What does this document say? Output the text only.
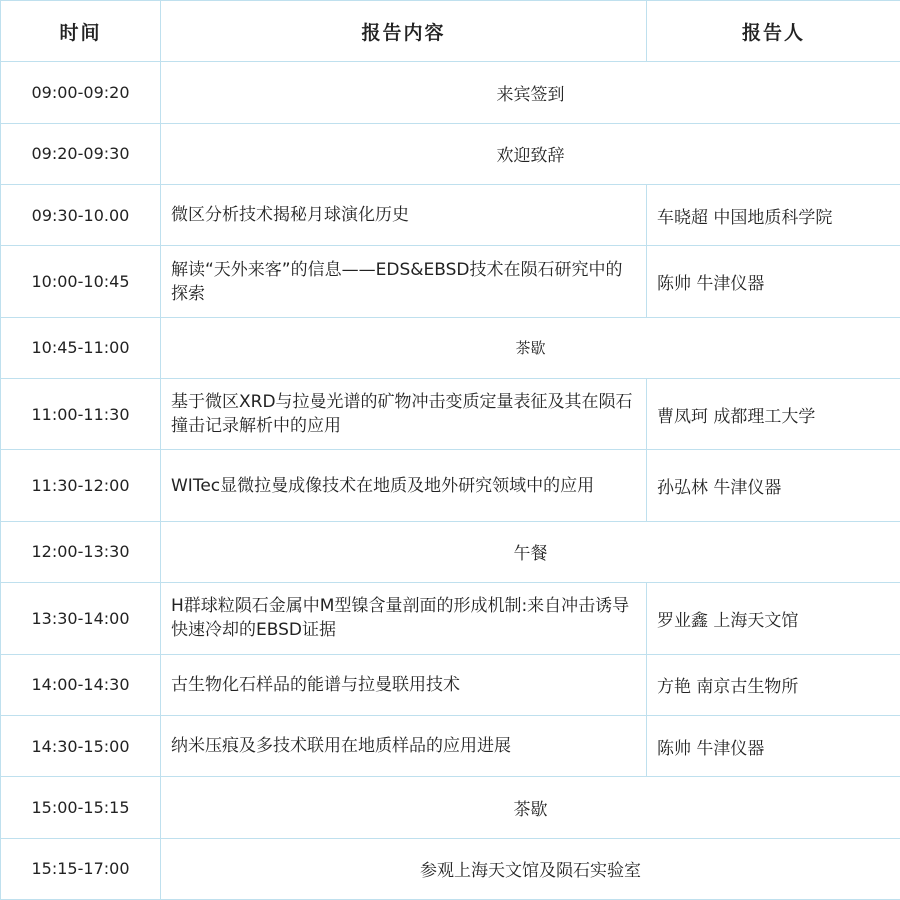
时间	报告内容	报告人
09:00-09:20	来宾签到	
09:20-09:30	欢迎致辞	
09:30-10.00	微区分析技术揭秘月球演化历史	车晓超 中国地质科学院
10:00-10:45	解读“天外来客”的信息——EDS&EBSD技术在陨石研究中的探索	陈帅 牛津仪器
10:45-11:00	茶歇	
11:00-11:30	基于微区XRD与拉曼光谱的矿物冲击变质定量表征及其在陨石撞击记录解析中的应用	曹凤珂 成都理工大学
11:30-12:00	WITec显微拉曼成像技术在地质及地外研究领域中的应用	孙弘林 牛津仪器
12:00-13:30	午餐	
13:30-14:00	H群球粒陨石金属中M型镍含量剖面的形成机制:来自冲击诱导快速冷却的EBSD证据	罗业鑫 上海天文馆
14:00-14:30	古生物化石样品的能谱与拉曼联用技术	方艳 南京古生物所
14:30-15:00	纳米压痕及多技术联用在地质样品的应用进展	陈帅 牛津仪器
15:00-15:15	茶歇	
15:15-17:00	参观上海天文馆及陨石实验室	
